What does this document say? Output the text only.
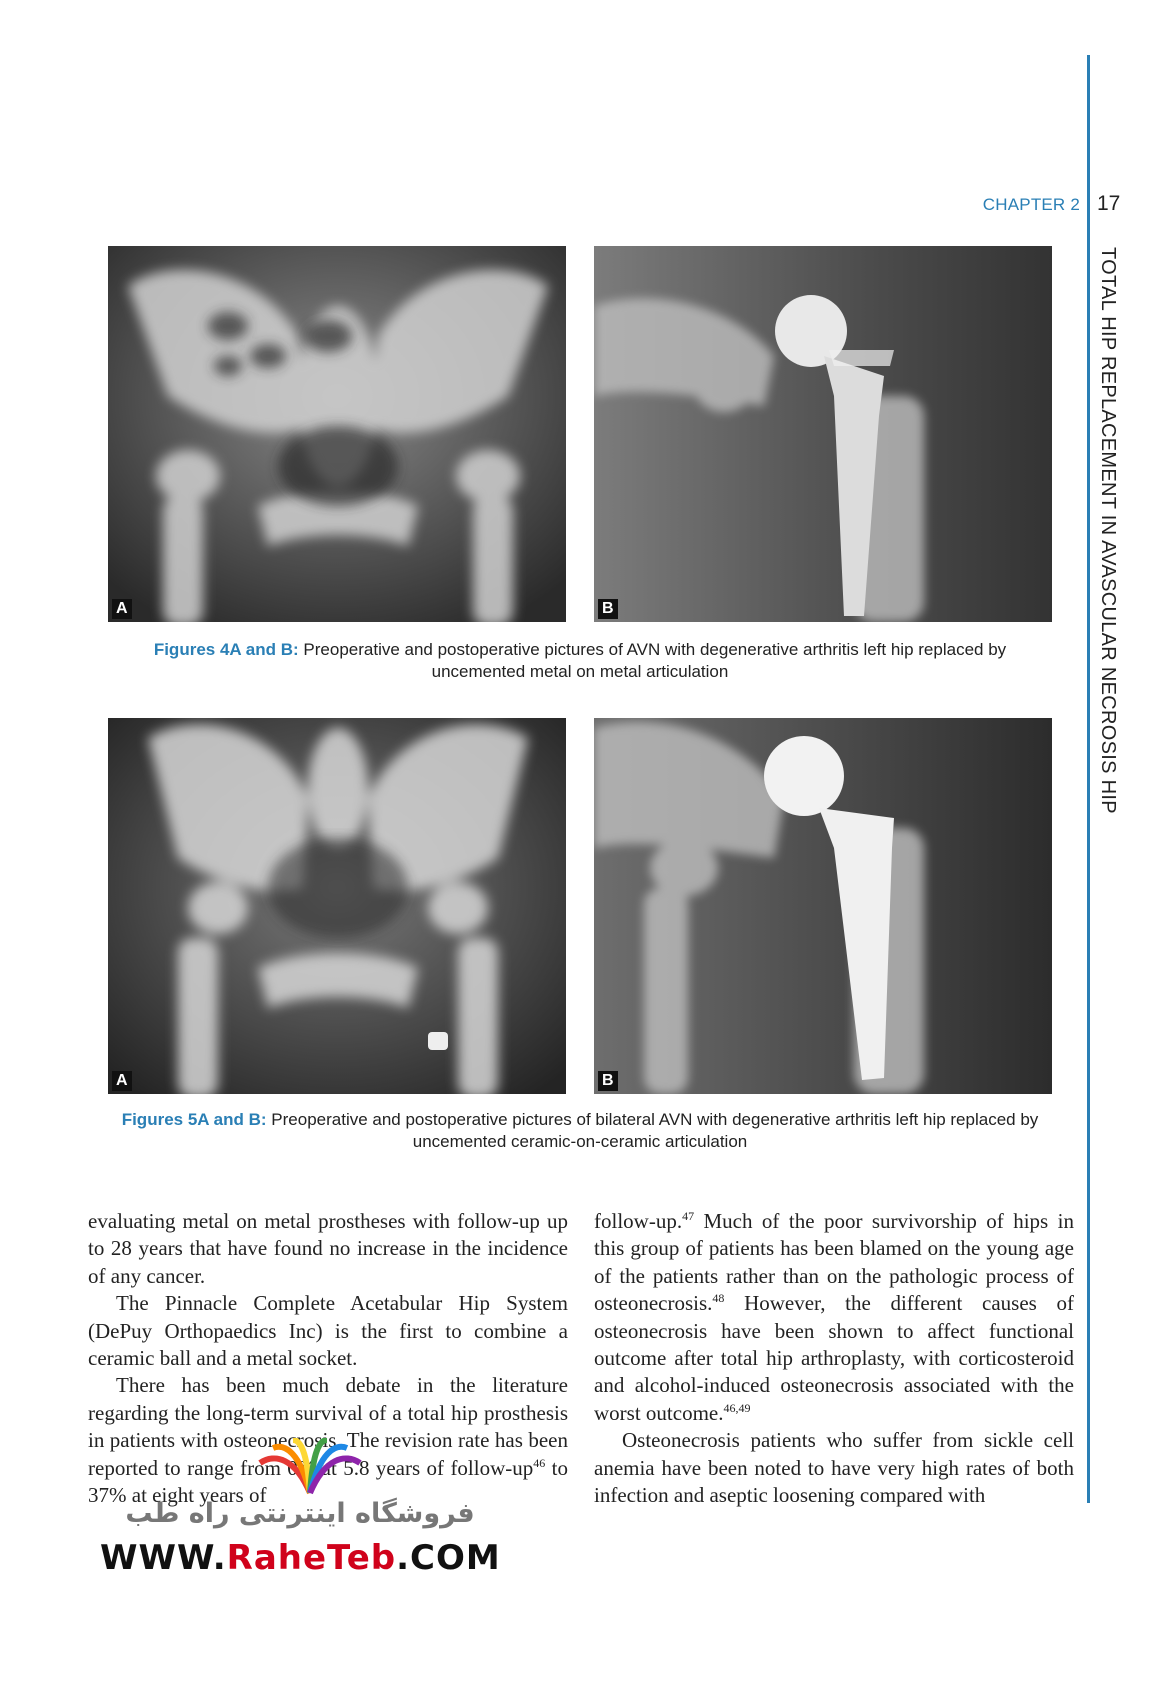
CHAPTER 2 17
TOTAL HIP REPLACEMENT IN AVASCULAR NECROSIS HIP
A	B
Figures 4A and B: Preoperative and postoperative pictures of AVN with degenerative arthritis left hip replaced by uncemented metal on metal articulation
A	B
Figures 5A and B: Preoperative and postoperative pictures of bilateral AVN with degenerative arthritis left hip replaced by uncemented ceramic-on-ceramic articulation

evaluating metal on metal prostheses with follow-up up to 28 years that have found no increase in the incidence of any cancer.

The Pinnacle Complete Acetabular Hip System (DePuy Orthopaedics Inc) is the first to combine a ceramic ball and a metal socket.

There has been much debate in the literature regarding the long-term survival of a total hip prosthesis in patients with osteonecrosis. The revision rate has been reported to range from 0% at 5.8 years of follow-$up^{46}$ to 37% at eight years of

follow-up.$^{47}$ Much of the poor survivorship of hips in this group of patients has been blamed on the young age of the patients rather than on the pathologic process of osteonecrosis.$^{48}$ However, the different causes of osteonecrosis have been shown to affect functional outcome after total hip arthroplasty, with corticosteroid and alcohol-induced osteonecrosis associated with the worst outcome.$^{46,49}$

Osteonecrosis patients who suffer from sickle cell anemia have been noted to have very high rates of both infection and aseptic loosening compared with

فروشگاه اینترنتی راه طب
WWW.RaheTeb.COM
